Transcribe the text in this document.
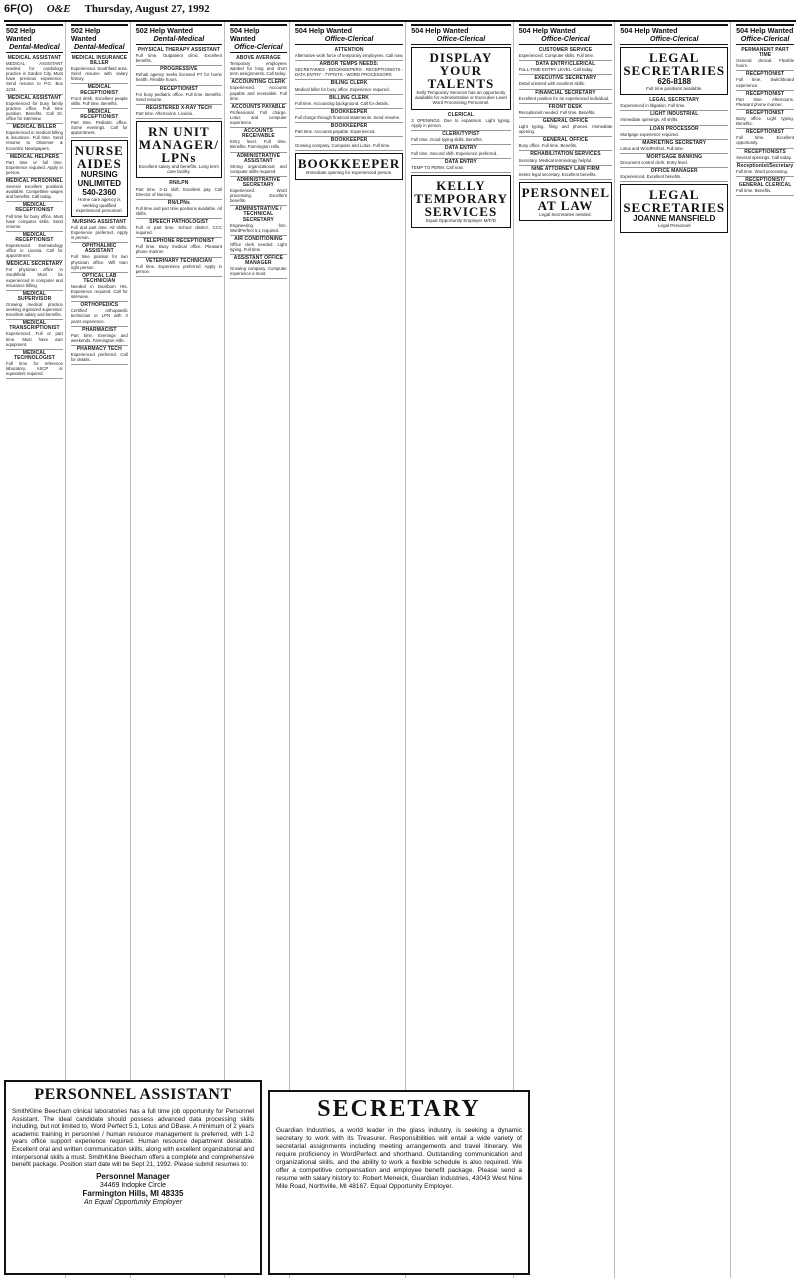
6F(O) O&E Thursday, August 27, 1992
502 Help Wanted
Dental-Medical
MEDICAL ASSISTANT
MEDICAL ASSISTANT needed for cardiology practice in Garden City. Must have previous experience. Send resume to P.O. Box 1234.
MEDICAL ASSISTANT
Experienced for busy family practice office. Full time position. Benefits. Call Dr. office for interview.
MEDICAL BILLER
Experienced in medical billing & insurance. Full time. Send resume to Observer & Eccentric Newspapers.
MEDICAL HELPERS
Part time or full time. Experience required. Apply in person.
MEDICAL PERSONNEL
Several excellent positions available. Competitive wages and benefits. Call today.
MEDICAL RECEPTIONIST
Full time for busy office. Must have computer skills. Send resume.
MEDICAL RECEPTIONIST
Experienced. Dermatology office in Livonia. Call for appointment.
MEDICAL SECRETARY
For physician office in Southfield. Must be experienced in computer and insurance billing.
MEDICAL SUPERVISOR
Growing medical practice seeking organized supervisor. Excellent salary and benefits.
MEDICAL TRANSCRIPTIONIST
Experienced. Full or part time. Must have own equipment.
MEDICAL TECHNOLOGIST
Full time for reference laboratory. ASCP or equivalent required.
502 Help Wanted
Dental-Medical
MEDICAL INSURANCE BILLER
Experienced. Southfield area. Send resume with salary history.
MEDICAL RECEPTIONIST
Front desk. Excellent people skills. Full time. Benefits.
MEDICAL RECEPTIONIST
Part time. Pediatric office. Some evenings. Call for appointment.
NURSE AIDES
NURSING UNLIMITED
540-2360
Home care agency is seeking qualified experienced personnel.
NURSING ASSISTANT
Full and part time. All shifts. Experience preferred. Apply in person.
OPHTHALMIC ASSISTANT
Full time position for two physician office. Will train right person.
OPTICAL LAB TECHNICIAN
Needed in Dearborn Hts. Experience required. Call for interview.
ORTHOPEDICS
Certified orthopaedic technician or LPN with 3 years experience.
PHARMACIST
Part time. Evenings and weekends. Farmington Hills.
PHARMACY TECH
Experienced preferred. Call for details.
502 Help Wanted
Dental-Medical
PHYSICAL THERAPY ASSISTANT
Full time. Outpatient clinic. Excellent benefits.
PROGRESSIVE
Rehab agency seeks licensed PT for home health. Flexible hours.
RECEPTIONIST
For busy pediatric office. Full time. Benefits. Send resume.
REGISTERED X-RAY TECH
Part time. Afternoons. Livonia.
RN UNIT MANAGER/ LPNs
Excellent salary and benefits. Long term care facility.
RN/LPN
Part time. 3-11 shift. Excellent pay. Call Director of Nursing.
RN/LPNs
Full time and part time positions available. All shifts.
SPEECH PATHOLOGIST
Full or part time. School district. CCC required.
TELEPHONE RECEPTIONIST
Full time. Busy medical office. Pleasant phone manner.
VETERINARY TECHNICIAN
Full time. Experience preferred. Apply in person.
504 Help Wanted
Office-Clerical
ABOVE AVERAGE
Temporary employees wanted for long and short term assignments. Call today.
ACCOUNTING CLERK
Experienced. Accounts payable and receivable. Full time.
ACCOUNTS PAYABLE
Professional. Full charge. Lotus and computer experience.
ACCOUNTS RECEIVABLE
Entry level. Full time. Benefits. Farmington Hills.
ADMINISTRATIVE ASSISTANT
Strong organizational and computer skills required.
ADMINISTRATIVE SECRETARY
Experienced. Word processing. Excellent benefits.
ADMINISTRATIVE / TECHNICAL SECRETARY
Engineering firm. WordPerfect 5.1 required.
AIR CONDITIONING
Office clerk needed. Light typing. Full time.
ASSISTANT OFFICE MANAGER
Growing company. Computer experience a must.
504 Help Wanted
Office-Clerical
ATTENTION
Alternative work force of temporary employees. Call now.
ARBOR TEMPS NEEDS:
SECRETARIES - BOOKKEEPERS - RECEPTIONISTS - DATA ENTRY - TYPISTS - WORD PROCESSORS
BILING CLERK
Medical biller for busy office. Experience required.
BILLING CLERK
Full time. Accounting background. Call for details.
BOOKKEEPER
Full charge through financial statements. Send resume.
BOOKKEEPER
Part time. Accounts payable. Experienced.
BOOKKEEPER
Growing company. Computer and Lotus. Full time.
BOOKKEEPER
Immediate opening for experienced person.
504 Help Wanted
Office-Clerical
DISPLAY YOUR TALENTS
Kelly Temporary Services has an opportunity available for Administrative or Executive Level Word Processing Personnel.
CLERICAL
3 OPENINGS. Due to expansion. Light typing. Apply in person.
CLERK/TYPIST
Full time. Good typing skills. Benefits.
DATA ENTRY
Full time. Second shift. Experience preferred.
DATA ENTRY
TEMP TO PERM. Call now.
KELLY TEMPORARY SERVICES
Equal Opportunity Employer M/F/D
504 Help Wanted
Office-Clerical
CUSTOMER SERVICE
Experienced. Computer skills. Full time.
DATA ENTRY/CLERICAL
FULL-TIME ENTRY LEVEL. Call today.
EXECUTIVE SECRETARY
Detail oriented with excellent skills.
FINANCIAL SECRETARY
Excellent position for an experienced individual.
FRONT DESK
Receptionist needed. Full time. Benefits.
GENERAL OFFICE
Light typing, filing and phones. Immediate opening.
GENERAL OFFICE
Busy office. Full time. Benefits.
REHABILITATION SERVICES
Secretary. Medical terminology helpful.
NINE ATTORNEY LAW FIRM
Seeks legal secretary. Excellent benefits.
PERSONNEL AT LAW
Legal Secretaries needed.
504 Help Wanted
Office-Clerical
LEGAL SECRETARIES
626-8188
Full time positions available.
LEGAL SECRETARY
Experienced in litigation. Full time.
LIGHT INDUSTRIAL
Immediate openings. All shifts.
LOAN PROCESSOR
Mortgage experience required.
MARKETING SECRETARY
Lotus and WordPerfect. Full time.
MORTGAGE BANKING
Document control clerk. Entry level.
OFFICE MANAGER
Experienced. Excellent benefits.
LEGAL SECRETARIES
JOANNE MANSFIELD
Legal Personnel
504 Help Wanted
Office-Clerical
PERMANENT PART TIME
General clerical. Flexible hours.
RECEPTIONIST
Full time. Switchboard experience.
RECEPTIONIST
Part time. Afternoons. Pleasant phone manner.
RECEPTIONIST
Busy office. Light typing. Benefits.
RECEPTIONIST
Full time. Excellent opportunity.
RECEPTIONISTS
Several openings. Call today.
Receptionist/Secretary
Full time. Word processing.
RECEPTIONIST/ GENERAL CLERICAL
Full time. Benefits.
PERSONNEL ASSISTANT
SmithKline Beecham clinical laboratories has a full time job opportunity for Personnel Assistant. The ideal candidate should possess advanced data processing skills including, but not limited to, Word Perfect 5.1, Lotus and DBase. A minimum of 2 years academic training in personnel / human resource management is preferred, with 1-2 years office support experience required. Human resource department desirable. Excellent oral and written communication skills, along with excellent organizational and interpersonal skills a must. SmithKline Beecham offers a complete and comprehensive benefit package. Position start date will be Sept 21, 1992. Please submit resumes to:
Personnel Manager
34469 Indopke Circle
Farmington Hills, MI 48335
An Equal Opportunity Employer
SECRETARY
Guardian Industries, a world leader in the glass industry, is seeking a dynamic secretary to work with its Treasurer. Responsibilities will entail a wide variety of secretarial assignments including meeting arrangements and travel itinerary. We require proficiency in WordPerfect and shorthand. Outstanding communication and organizational skills, and the ability to work a flexible schedule is also required. We offer a competitive compensation and employee benefit package. Please send a resume with salary history to: Robert Meneick, Guardian Industries, 43043 West Nine Mile Road, Northville, MI 48167. Equal Opportunity Employer.
